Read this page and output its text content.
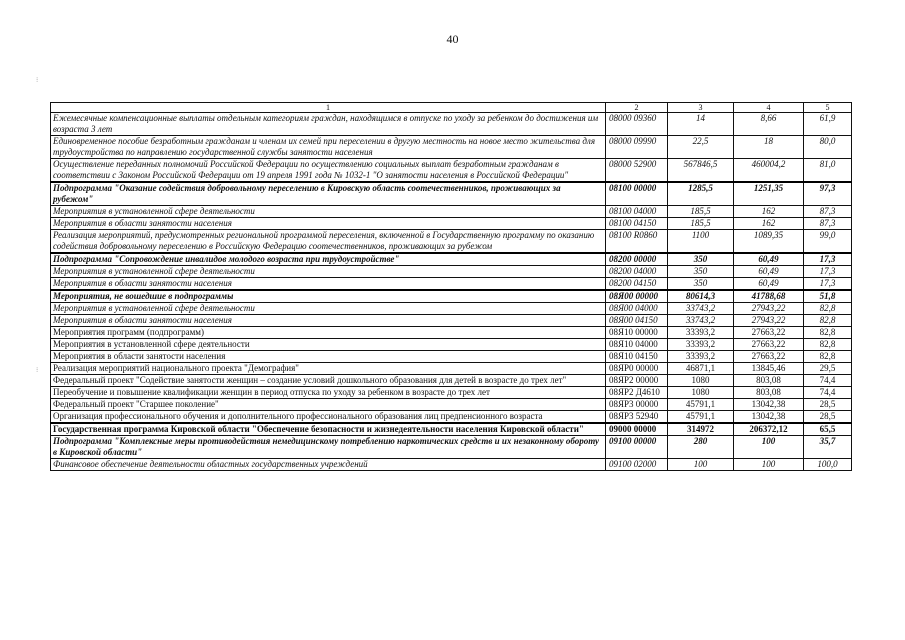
40
⁝
⁝
1	2	3	4	5
Ежемесячные компенсационные выплаты отдельным категориям граждан, находящимся в отпуске по уходу за ребенком до достижения им возраста 3 лет	08000 09360	14	8,66	61,9
Единовременное пособие безработным гражданам и членам их семей при переселении в другую местность на новое место жительства для трудоустройства по направлению государственной службы занятости населения	08000 09990	22,5	18	80,0
Осуществление переданных полномочий Российской Федерации по осуществлению социальных выплат безработным гражданам в соответствии с Законом Российской Федерации от 19 апреля 1991 года № 1032-1 "О занятости населения в Российской Федерации"	08000 52900	567846,5	460004,2	81,0
Подпрограмма "Оказание содействия добровольному переселению в Кировскую область соотечественников, проживающих за рубежом"	08100 00000	1285,5	1251,35	97,3
Мероприятия в установленной сфере деятельности	08100 04000	185,5	162	87,3
Мероприятия в области занятости населения	08100 04150	185,5	162	87,3
Реализация мероприятий, предусмотренных региональной программой переселения, включенной в Государственную программу по оказанию содействия добровольному переселению в Российскую Федерацию соотечественников, проживающих за рубежом	08100 R0860	1100	1089,35	99,0
Подпрограмма "Сопровождение инвалидов молодого возраста при трудоустройстве"	08200 00000	350	60,49	17,3
Мероприятия в установленной сфере деятельности	08200 04000	350	60,49	17,3
Мероприятия в области занятости населения	08200 04150	350	60,49	17,3
Мероприятия, не вошедшие в подпрограммы	08Я00 00000	80614,3	41788,68	51,8
Мероприятия в установленной сфере деятельности	08Я00 04000	33743,2	27943,22	82,8
Мероприятия в области занятости населения	08Я00 04150	33743,2	27943,22	82,8
Мероприятия программ (подпрограмм)	08Я10 00000	33393,2	27663,22	82,8
Мероприятия в установленной сфере деятельности	08Я10 04000	33393,2	27663,22	82,8
Мероприятия в области занятости населения	08Я10 04150	33393,2	27663,22	82,8
Реализация мероприятий национального проекта "Демография"	08ЯР0 00000	46871,1	13845,46	29,5
Федеральный проект "Содействие занятости женщин – создание условий дошкольного образования для детей в возрасте до трех лет"	08ЯР2 00000	1080	803,08	74,4
Переобучение и повышение квалификации женщин в период отпуска по уходу за ребенком в возрасте до трех лет	08ЯР2 Д4610	1080	803,08	74,4
Федеральный проект "Старшее поколение"	08ЯР3 00000	45791,1	13042,38	28,5
Организация профессионального обучения и дополнительного профессионального образования лиц предпенсионного возраста	08ЯР3 52940	45791,1	13042,38	28,5
Государственная программа Кировской области "Обеспечение безопасности и жизнедеятельности населения Кировской области"	09000 00000	314972	206372,12	65,5
Подпрограмма "Комплексные меры противодействия немедицинскому потреблению наркотических средств и их незаконному обороту в Кировской области"	09100 00000	280	100	35,7
Финансовое обеспечение деятельности областных государственных учреждений	09100 02000	100	100	100,0
